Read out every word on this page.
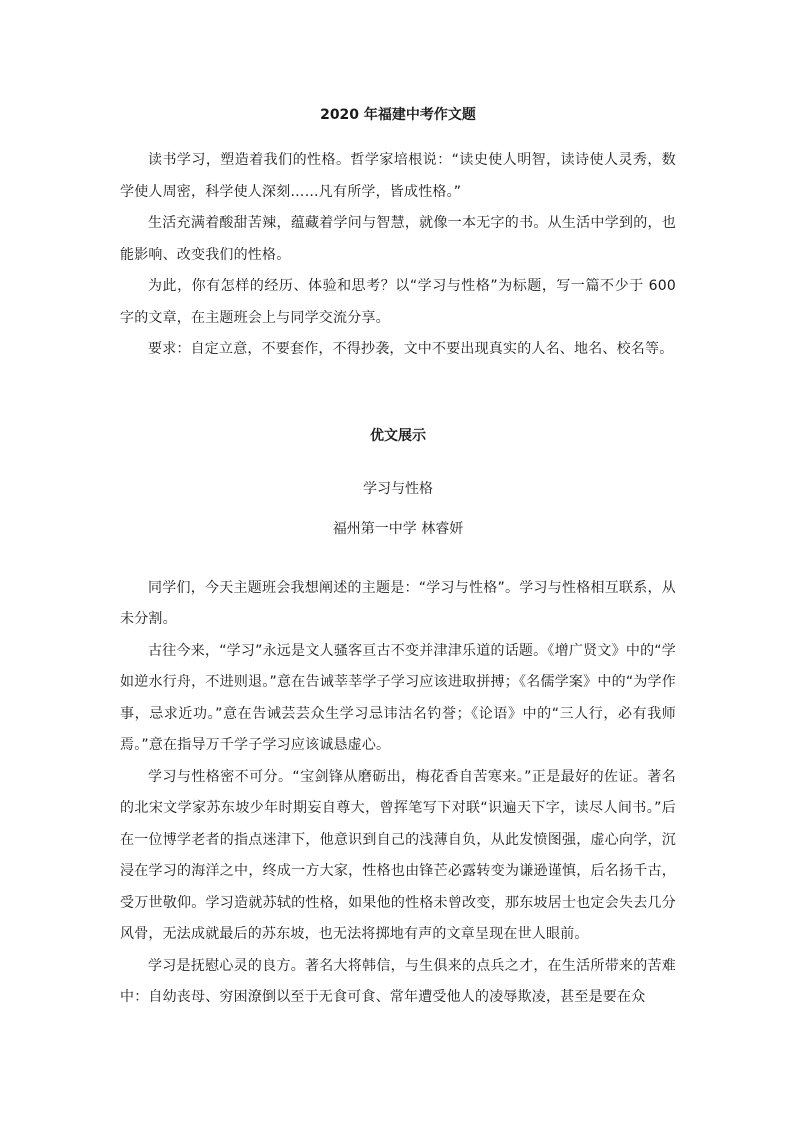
2020 年福建中考作文题

读书学习，塑造着我们的性格。哲学家培根说：“读史使人明智，读诗使人灵秀，数学使人周密，科学使人深刻……凡有所学，皆成性格。”

生活充满着酸甜苦辣，蕴藏着学问与智慧，就像一本无字的书。从生活中学到的，也能影响、改变我们的性格。

为此，你有怎样的经历、体验和思考？以“学习与性格”为标题，写一篇不少于 600 字的文章，在主题班会上与同学交流分享。

要求：自定立意，不要套作，不得抄袭，文中不要出现真实的人名、地名、校名等。

优文展示

学习与性格

福州第一中学 林睿妍

同学们，今天主题班会我想阐述的主题是：“学习与性格”。学习与性格相互联系，从未分割。

古往今来，“学习”永远是文人骚客亘古不变并津津乐道的话题。《增广贤文》中的“学如逆水行舟，不进则退。”意在告诫莘莘学子学习应该进取拼搏；《名儒学案》中的“为学作事，忌求近功。”意在告诫芸芸众生学习忌讳沽名钓誉；《论语》中的“三人行，必有我师焉。”意在指导万千学子学习应该诚恳虚心。

学习与性格密不可分。“宝剑锋从磨砺出，梅花香自苦寒来。”正是最好的佐证。著名的北宋文学家苏东坡少年时期妄自尊大，曾挥笔写下对联“识遍天下字，读尽人间书。”后在一位博学老者的指点迷津下，他意识到自己的浅薄自负，从此发愤图强，虚心向学，沉浸在学习的海洋之中，终成一方大家，性格也由锋芒必露转变为谦逊谨慎，后名扬千古，受万世敬仰。学习造就苏轼的性格，如果他的性格未曾改变，那东坡居士也定会失去几分风骨，无法成就最后的苏东坡，也无法将掷地有声的文章呈现在世人眼前。

学习是抚慰心灵的良方。著名大将韩信，与生俱来的点兵之才，在生活所带来的苦难中：自幼丧母、穷困潦倒以至于无食可食、常年遭受他人的凌辱欺凌，甚至是要在众
